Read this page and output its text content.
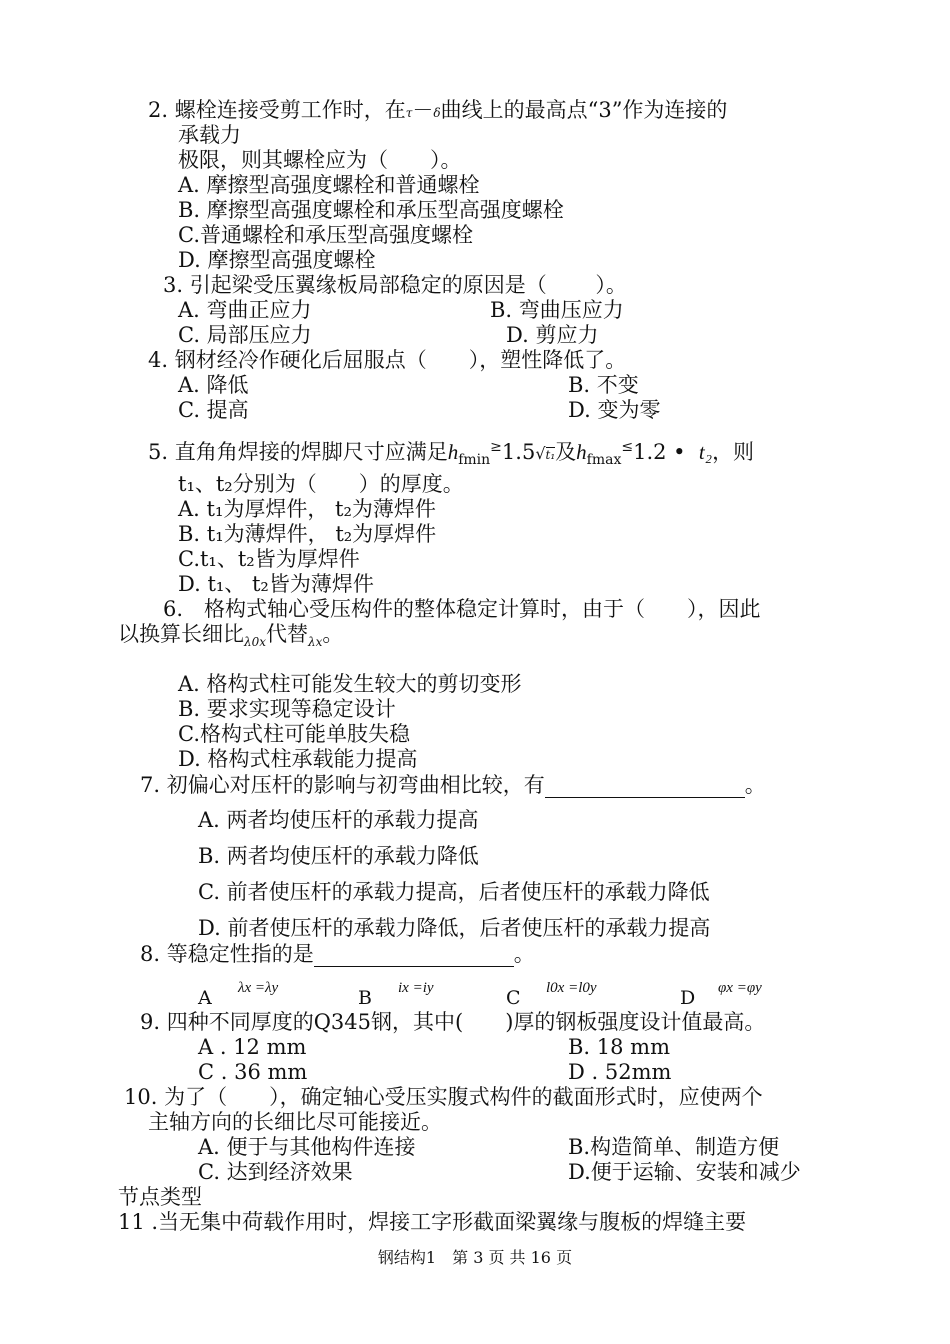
2. 螺栓连接受剪工作时，在τ－δ曲线上的最高点“3”作为连接的
承载力
极限，则其螺栓应为（　　）。
A. 摩擦型高强度螺栓和普通螺栓
B. 摩擦型高强度螺栓和承压型高强度螺栓
C.普通螺栓和承压型高强度螺栓
D. 摩擦型高强度螺栓
3. 引起梁受压翼缘板局部稳定的原因是（　　 ）。
A. 弯曲正应力	B. 弯曲压应力
C. 局部压应力	D. 剪应力
4. 钢材经冷作硬化后屈服点（　　），塑性降低了。
A. 降低	B. 不变
C. 提高	D. 变为零
5. 直角角焊接的焊脚尺寸应满足$h_{fmin}^\ge 1.5√t_1$及$h_{fmax}^\le 1.2$ • t₂，则
t₁、t₂分别为（　　）的厚度。
A. t₁为厚焊件， t₂为薄焊件
B. t₁为薄焊件， t₂为厚焊件
C.t₁、t₂皆为厚焊件
D. t₁、 t₂皆为薄焊件
6.　格构式轴心受压构件的整体稳定计算时，由于（　　），因此
以换算长细比$_{\lambda 0x}$代替$_{\lambda x}$。
A. 格构式柱可能发生较大的剪切变形
B. 要求实现等稳定设计
C.格构式柱可能单肢失稳
D. 格构式柱承载能力提高
7. 初偏心对压杆的影响与初弯曲相比较，有	。
A. 两者均使压杆的承载力提高
B. 两者均使压杆的承载力降低
C. 前者使压杆的承载力提高，后者使压杆的承载力降低
D. 前者使压杆的承载力降低，后者使压杆的承载力提高
8. 等稳定性指的是	。
A λx =λy	B ix =iy	C l0x =l0y	D φx =φy
9. 四种不同厚度的Q345钢，其中(　　)厚的钢板强度设计值最高。
A . 12 mm	B. 18 mm
C . 36 mm	D . 52mm
10. 为了（　　），确定轴心受压实腹式构件的截面形式时，应使两个
主轴方向的长细比尽可能接近。
A. 便于与其他构件连接	B.构造简单、制造方便
C. 达到经济效果	D.便于运输、安装和减少
节点类型
11 .当无集中荷载作用时，焊接工字形截面梁翼缘与腹板的焊缝主要
钢结构1　第 3 页 共 16 页
